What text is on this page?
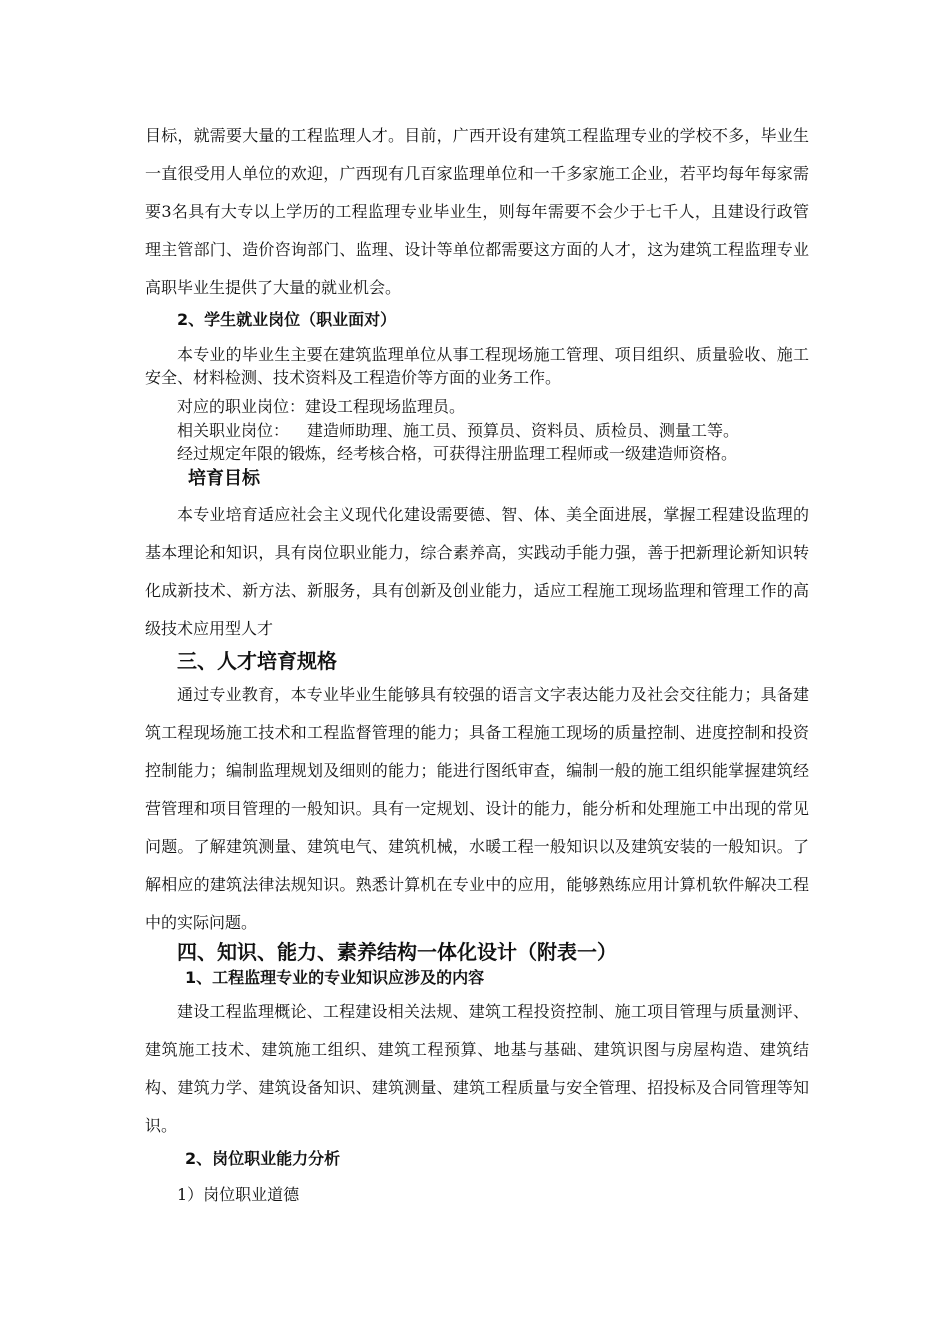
目标，就需要大量的工程监理人才。目前，广西开设有建筑工程监理专业的学校不多，毕业生一直很受用人单位的欢迎，广西现有几百家监理单位和一千多家施工企业，若平均每年每家需要3名具有大专以上学历的工程监理专业毕业生，则每年需要不会少于七千人，且建设行政管理主管部门、造价咨询部门、监理、设计等单位都需要这方面的人才，这为建筑工程监理专业高职毕业生提供了大量的就业机会。

2、学生就业岗位（职业面对）

本专业的毕业生主要在建筑监理单位从事工程现场施工管理、项目组织、质量验收、施工安全、材料检测、技术资料及工程造价等方面的业务工作。

对应的职业岗位：建设工程现场监理员。

相关职业岗位： 建造师助理、施工员、预算员、资料员、质检员、测量工等。

经过规定年限的锻炼，经考核合格，可获得注册监理工程师或一级建造师资格。

培育目标

本专业培育适应社会主义现代化建设需要德、智、体、美全面进展，掌握工程建设监理的基本理论和知识，具有岗位职业能力，综合素养高，实践动手能力强，善于把新理论新知识转化成新技术、新方法、新服务，具有创新及创业能力，适应工程施工现场监理和管理工作的高级技术应用型人才

三、人才培育规格

通过专业教育，本专业毕业生能够具有较强的语言文字表达能力及社会交往能力；具备建筑工程现场施工技术和工程监督管理的能力；具备工程施工现场的质量控制、进度控制和投资控制能力；编制监理规划及细则的能力；能进行图纸审查，编制一般的施工组织能掌握建筑经营管理和项目管理的一般知识。具有一定规划、设计的能力，能分析和处理施工中出现的常见问题。了解建筑测量、建筑电气、建筑机械，水暖工程一般知识以及建筑安装的一般知识。了解相应的建筑法律法规知识。熟悉计算机在专业中的应用，能够熟练应用计算机软件解决工程中的实际问题。

四、知识、能力、素养结构一体化设计（附表一）

1、工程监理专业的专业知识应涉及的内容

建设工程监理概论、工程建设相关法规、建筑工程投资控制、施工项目管理与质量测评、建筑施工技术、建筑施工组织、建筑工程预算、地基与基础、建筑识图与房屋构造、建筑结构、建筑力学、建筑设备知识、建筑测量、建筑工程质量与安全管理、招投标及合同管理等知识。

2、岗位职业能力分析

1）岗位职业道德
